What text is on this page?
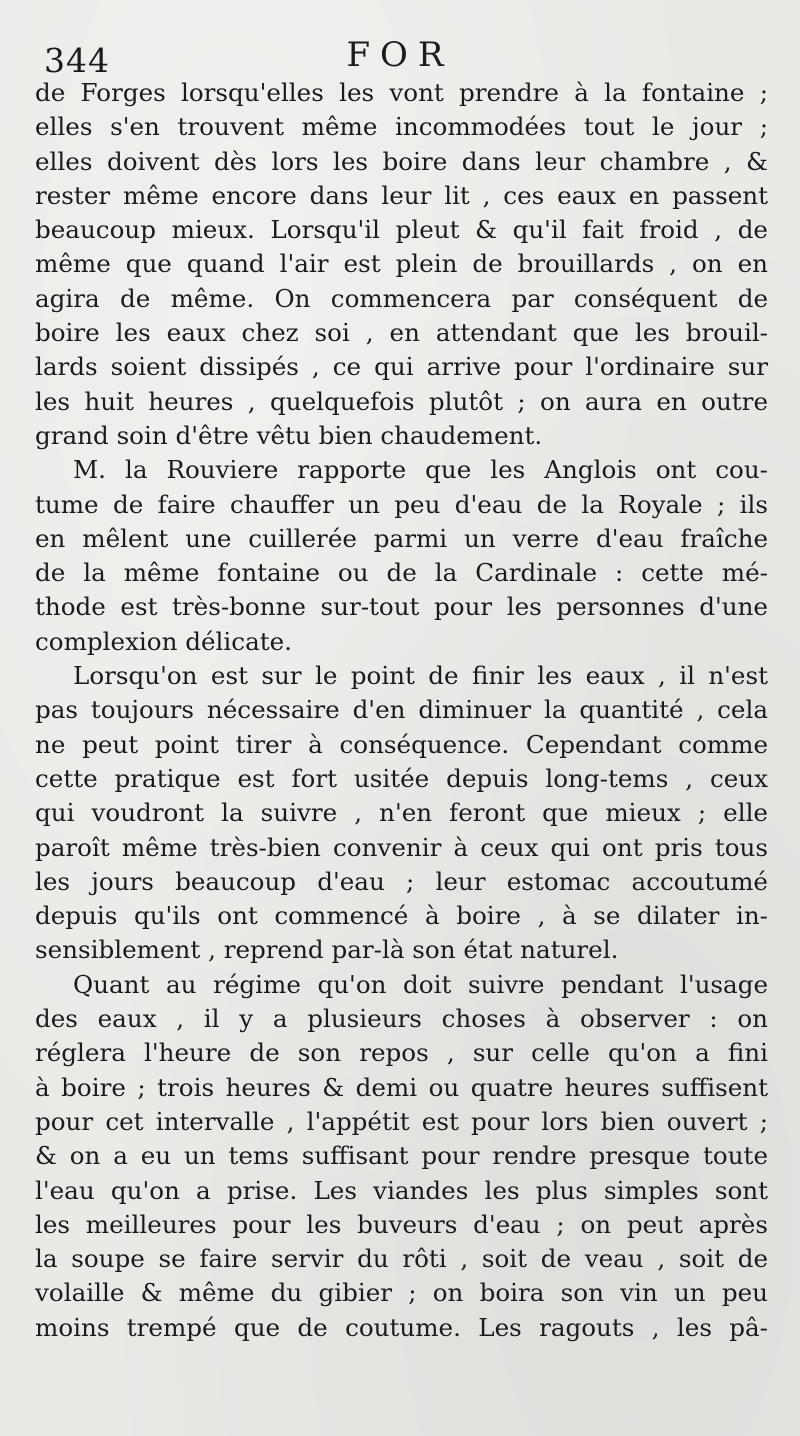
344	FOR
de Forges lorsqu'elles les vont prendre à la fontaine ;
elles s'en trouvent même incommodées tout le jour ;
elles doivent dès lors les boire dans leur chambre , &
rester même encore dans leur lit , ces eaux en passent
beaucoup mieux. Lorsqu'il pleut & qu'il fait froid , de
même que quand l'air est plein de brouillards , on en
agira de même. On commencera par conséquent de
boire les eaux chez soi , en attendant que les brouil-
lards soient dissipés , ce qui arrive pour l'ordinaire sur
les huit heures , quelquefois plutôt ; on aura en outre
grand soin d'être vêtu bien chaudement.
M. la Rouviere rapporte que les Anglois ont cou-
tume de faire chauffer un peu d'eau de la Royale ; ils
en mêlent une cuillerée parmi un verre d'eau fraîche
de la même fontaine ou de la Cardinale : cette mé-
thode est très-bonne sur-tout pour les personnes d'une
complexion délicate.
Lorsqu'on est sur le point de finir les eaux , il n'est
pas toujours nécessaire d'en diminuer la quantité , cela
ne peut point tirer à conséquence. Cependant comme
cette pratique est fort usitée depuis long-tems , ceux
qui voudront la suivre , n'en feront que mieux ; elle
paroît même très-bien convenir à ceux qui ont pris tous
les jours beaucoup d'eau ; leur estomac accoutumé
depuis qu'ils ont commencé à boire , à se dilater in-
sensiblement , reprend par-là son état naturel.
Quant au régime qu'on doit suivre pendant l'usage
des eaux , il y a plusieurs choses à observer : on
réglera l'heure de son repos , sur celle qu'on a fini
à boire ; trois heures & demi ou quatre heures suffisent
pour cet intervalle , l'appétit est pour lors bien ouvert ;
& on a eu un tems suffisant pour rendre presque toute
l'eau qu'on a prise. Les viandes les plus simples sont
les meilleures pour les buveurs d'eau ; on peut après
la soupe se faire servir du rôti , soit de veau , soit de
volaille & même du gibier ; on boira son vin un peu
moins trempé que de coutume. Les ragouts , les pâ-
